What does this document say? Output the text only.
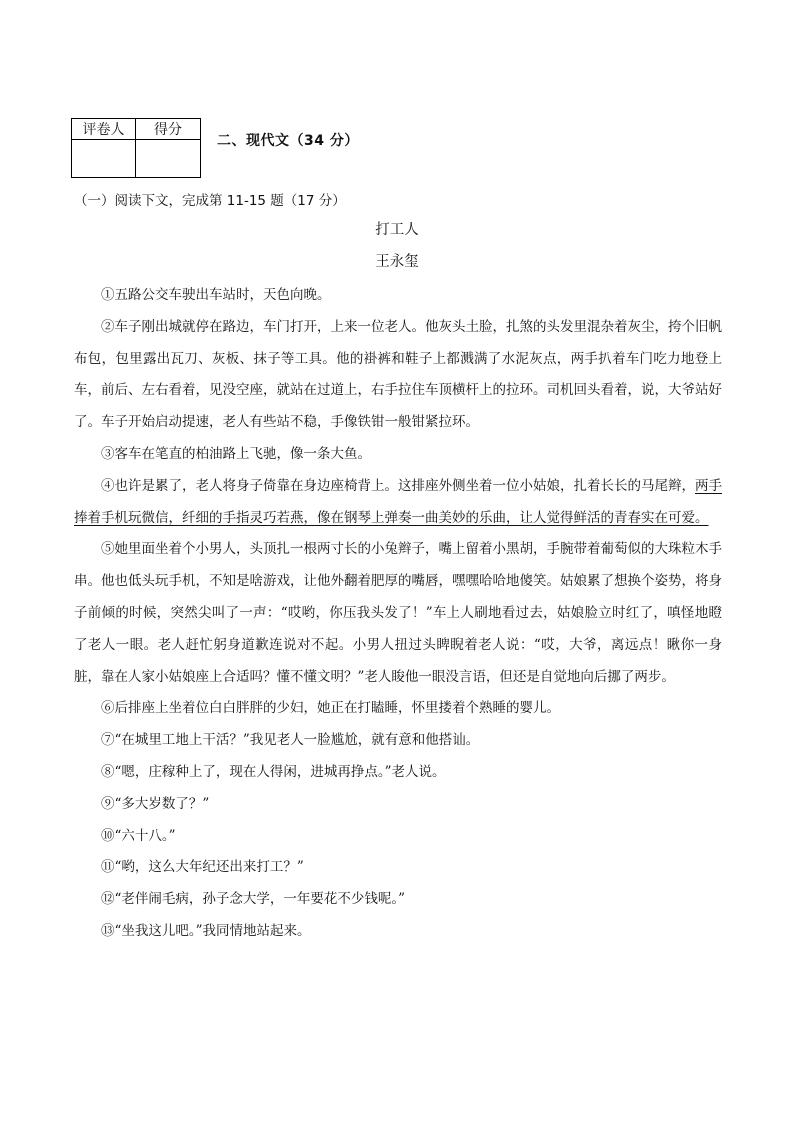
评卷人	得分

二、现代文（34 分）
（一）阅读下文，完成第 11-15 题（17 分）
打工人
王永玺

①五路公交车驶出车站时，天色向晚。

②车子刚出城就停在路边，车门打开，上来一位老人。他灰头土脸，扎煞的头发里混杂着灰尘，挎个旧帆布包，包里露出瓦刀、灰板、抹子等工具。他的褂裤和鞋子上都溅满了水泥灰点，两手扒着车门吃力地登上车，前后、左右看着，见没空座，就站在过道上，右手拉住车顶横杆上的拉环。司机回头看着，说，大爷站好了。车子开始启动提速，老人有些站不稳，手像铁钳一般钳紧拉环。

③客车在笔直的柏油路上飞驰，像一条大鱼。

④也许是累了，老人将身子倚靠在身边座椅背上。这排座外侧坐着一位小姑娘，扎着长长的马尾辫，两手捧着手机玩微信，纤细的手指灵巧若燕，像在钢琴上弹奏一曲美妙的乐曲，让人觉得鲜活的青春实在可爱。

⑤她里面坐着个小男人，头顶扎一根两寸长的小兔辫子，嘴上留着小黑胡，手腕带着葡萄似的大珠粒木手串。他也低头玩手机，不知是啥游戏，让他外翻着肥厚的嘴唇，嘿嘿哈哈地傻笑。姑娘累了想换个姿势，将身子前倾的时候，突然尖叫了一声：“哎哟，你压我头发了！”车上人刷地看过去，姑娘脸立时红了，嗔怪地瞪了老人一眼。老人赶忙躬身道歉连说对不起。小男人扭过头睥睨着老人说：“哎，大爷，离远点！瞅你一身脏，靠在人家小姑娘座上合适吗？懂不懂文明？”老人睃他一眼没言语，但还是自觉地向后挪了两步。

⑥后排座上坐着位白白胖胖的少妇，她正在打瞌睡，怀里搂着个熟睡的婴儿。

⑦“在城里工地上干活？”我见老人一脸尴尬，就有意和他搭讪。

⑧“嗯，庄稼种上了，现在人得闲，进城再挣点。”老人说。

⑨“多大岁数了？”

⑩“六十八。”

⑪“哟，这么大年纪还出来打工？”

⑫“老伴闹毛病，孙子念大学，一年要花不少钱呢。”

⑬“坐我这儿吧。”我同情地站起来。
